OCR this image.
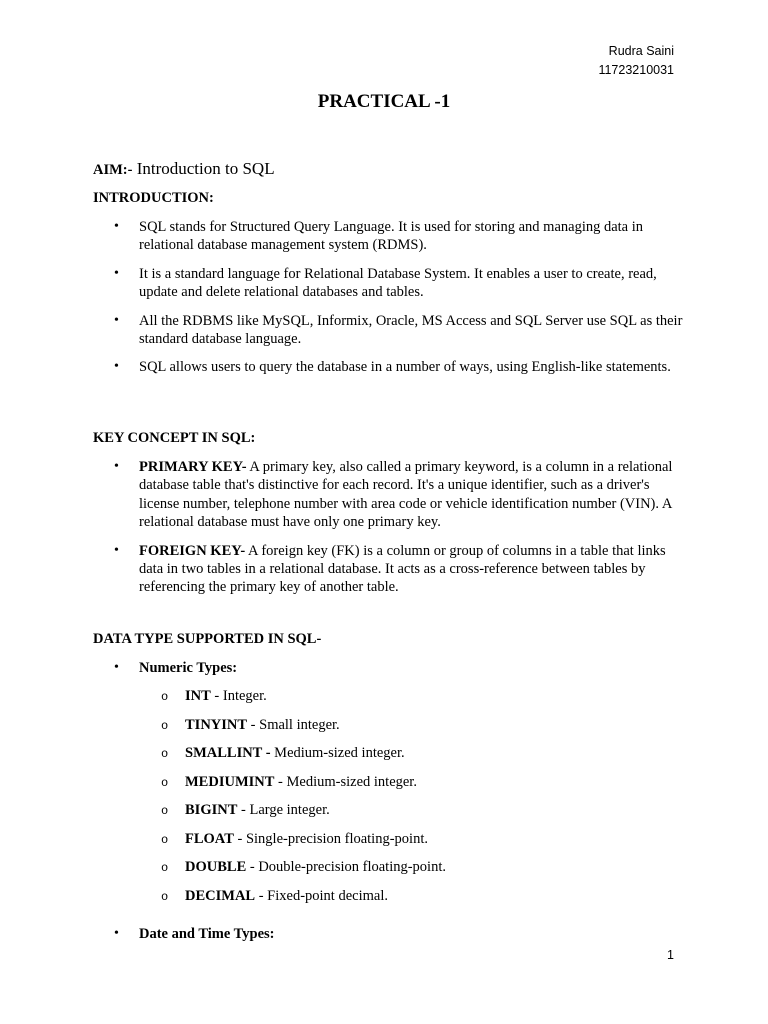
Rudra Saini
11723210031
PRACTICAL -1
AIM:- Introduction to SQL
INTRODUCTION:
• SQL stands for Structured Query Language. It is used for storing and managing data in relational database management system (RDMS).
• It is a standard language for Relational Database System. It enables a user to create, read, update and delete relational databases and tables.
• All the RDBMS like MySQL, Informix, Oracle, MS Access and SQL Server use SQL as their standard database language.
• SQL allows users to query the database in a number of ways, using English-like statements.
KEY CONCEPT IN SQL:
• PRIMARY KEY- A primary key, also called a primary keyword, is a column in a relational database table that's distinctive for each record. It's a unique identifier, such as a driver's license number, telephone number with area code or vehicle identification number (VIN). A relational database must have only one primary key.
• FOREIGN KEY- A foreign key (FK) is a column or group of columns in a table that links data in two tables in a relational database. It acts as a cross-reference between tables by referencing the primary key of another table.
DATA TYPE SUPPORTED IN SQL-
• Numeric Types:
o INT - Integer.
o TINYINT - Small integer.
o SMALLINT - Medium-sized integer.
o MEDIUMINT - Medium-sized integer.
o BIGINT - Large integer.
o FLOAT - Single-precision floating-point.
o DOUBLE - Double-precision floating-point.
o DECIMAL - Fixed-point decimal.
• Date and Time Types:
1
